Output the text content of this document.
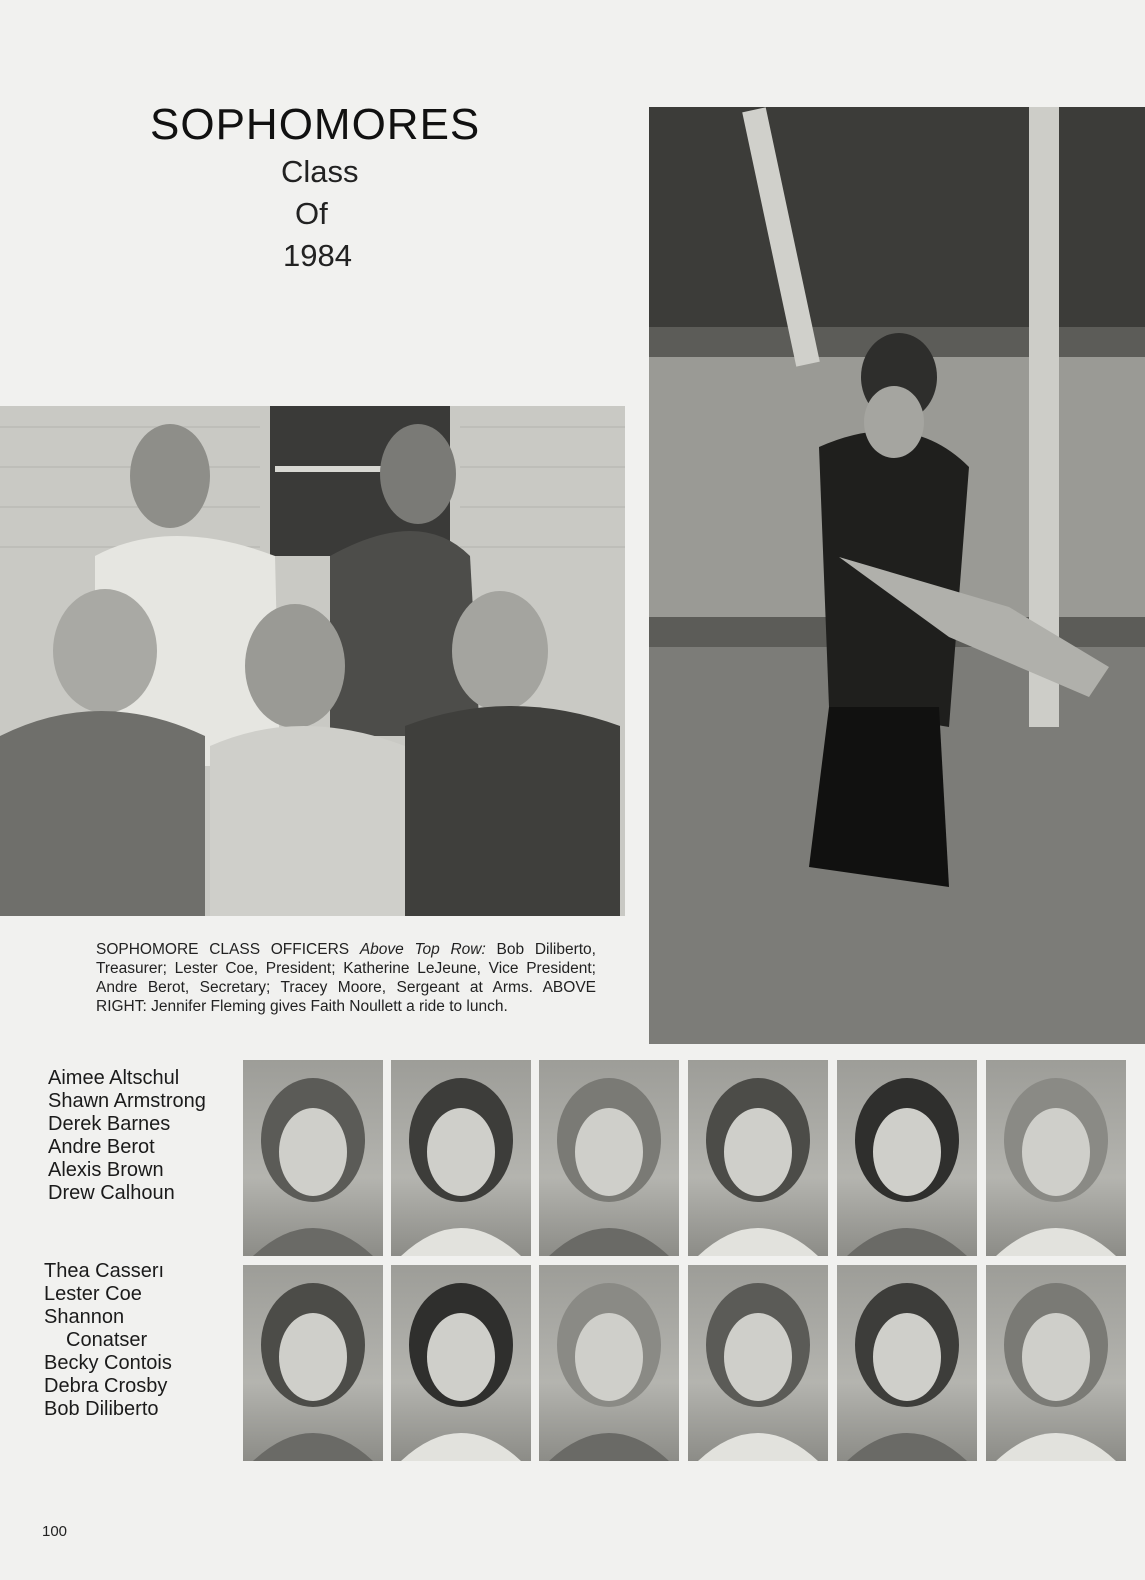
SOPHOMORES
Class
Of
1984
SOPHOMORE CLASS OFFICERS Above Top Row: Bob Diliberto, Treasurer; Lester Coe, President; Katherine LeJeune, Vice President; Andre Berot, Secretary; Tracey Moore, Sergeant at Arms. ABOVE RIGHT: Jennifer Fleming gives Faith Noullett a ride to lunch.
Aimee Altschul
Shawn Armstrong
Derek Barnes
Andre Berot
Alexis Brown
Drew Calhoun
Thea Casserı
Lester Coe
Shannon
Conatser
Becky Contois
Debra Crosby
Bob Diliberto
100
